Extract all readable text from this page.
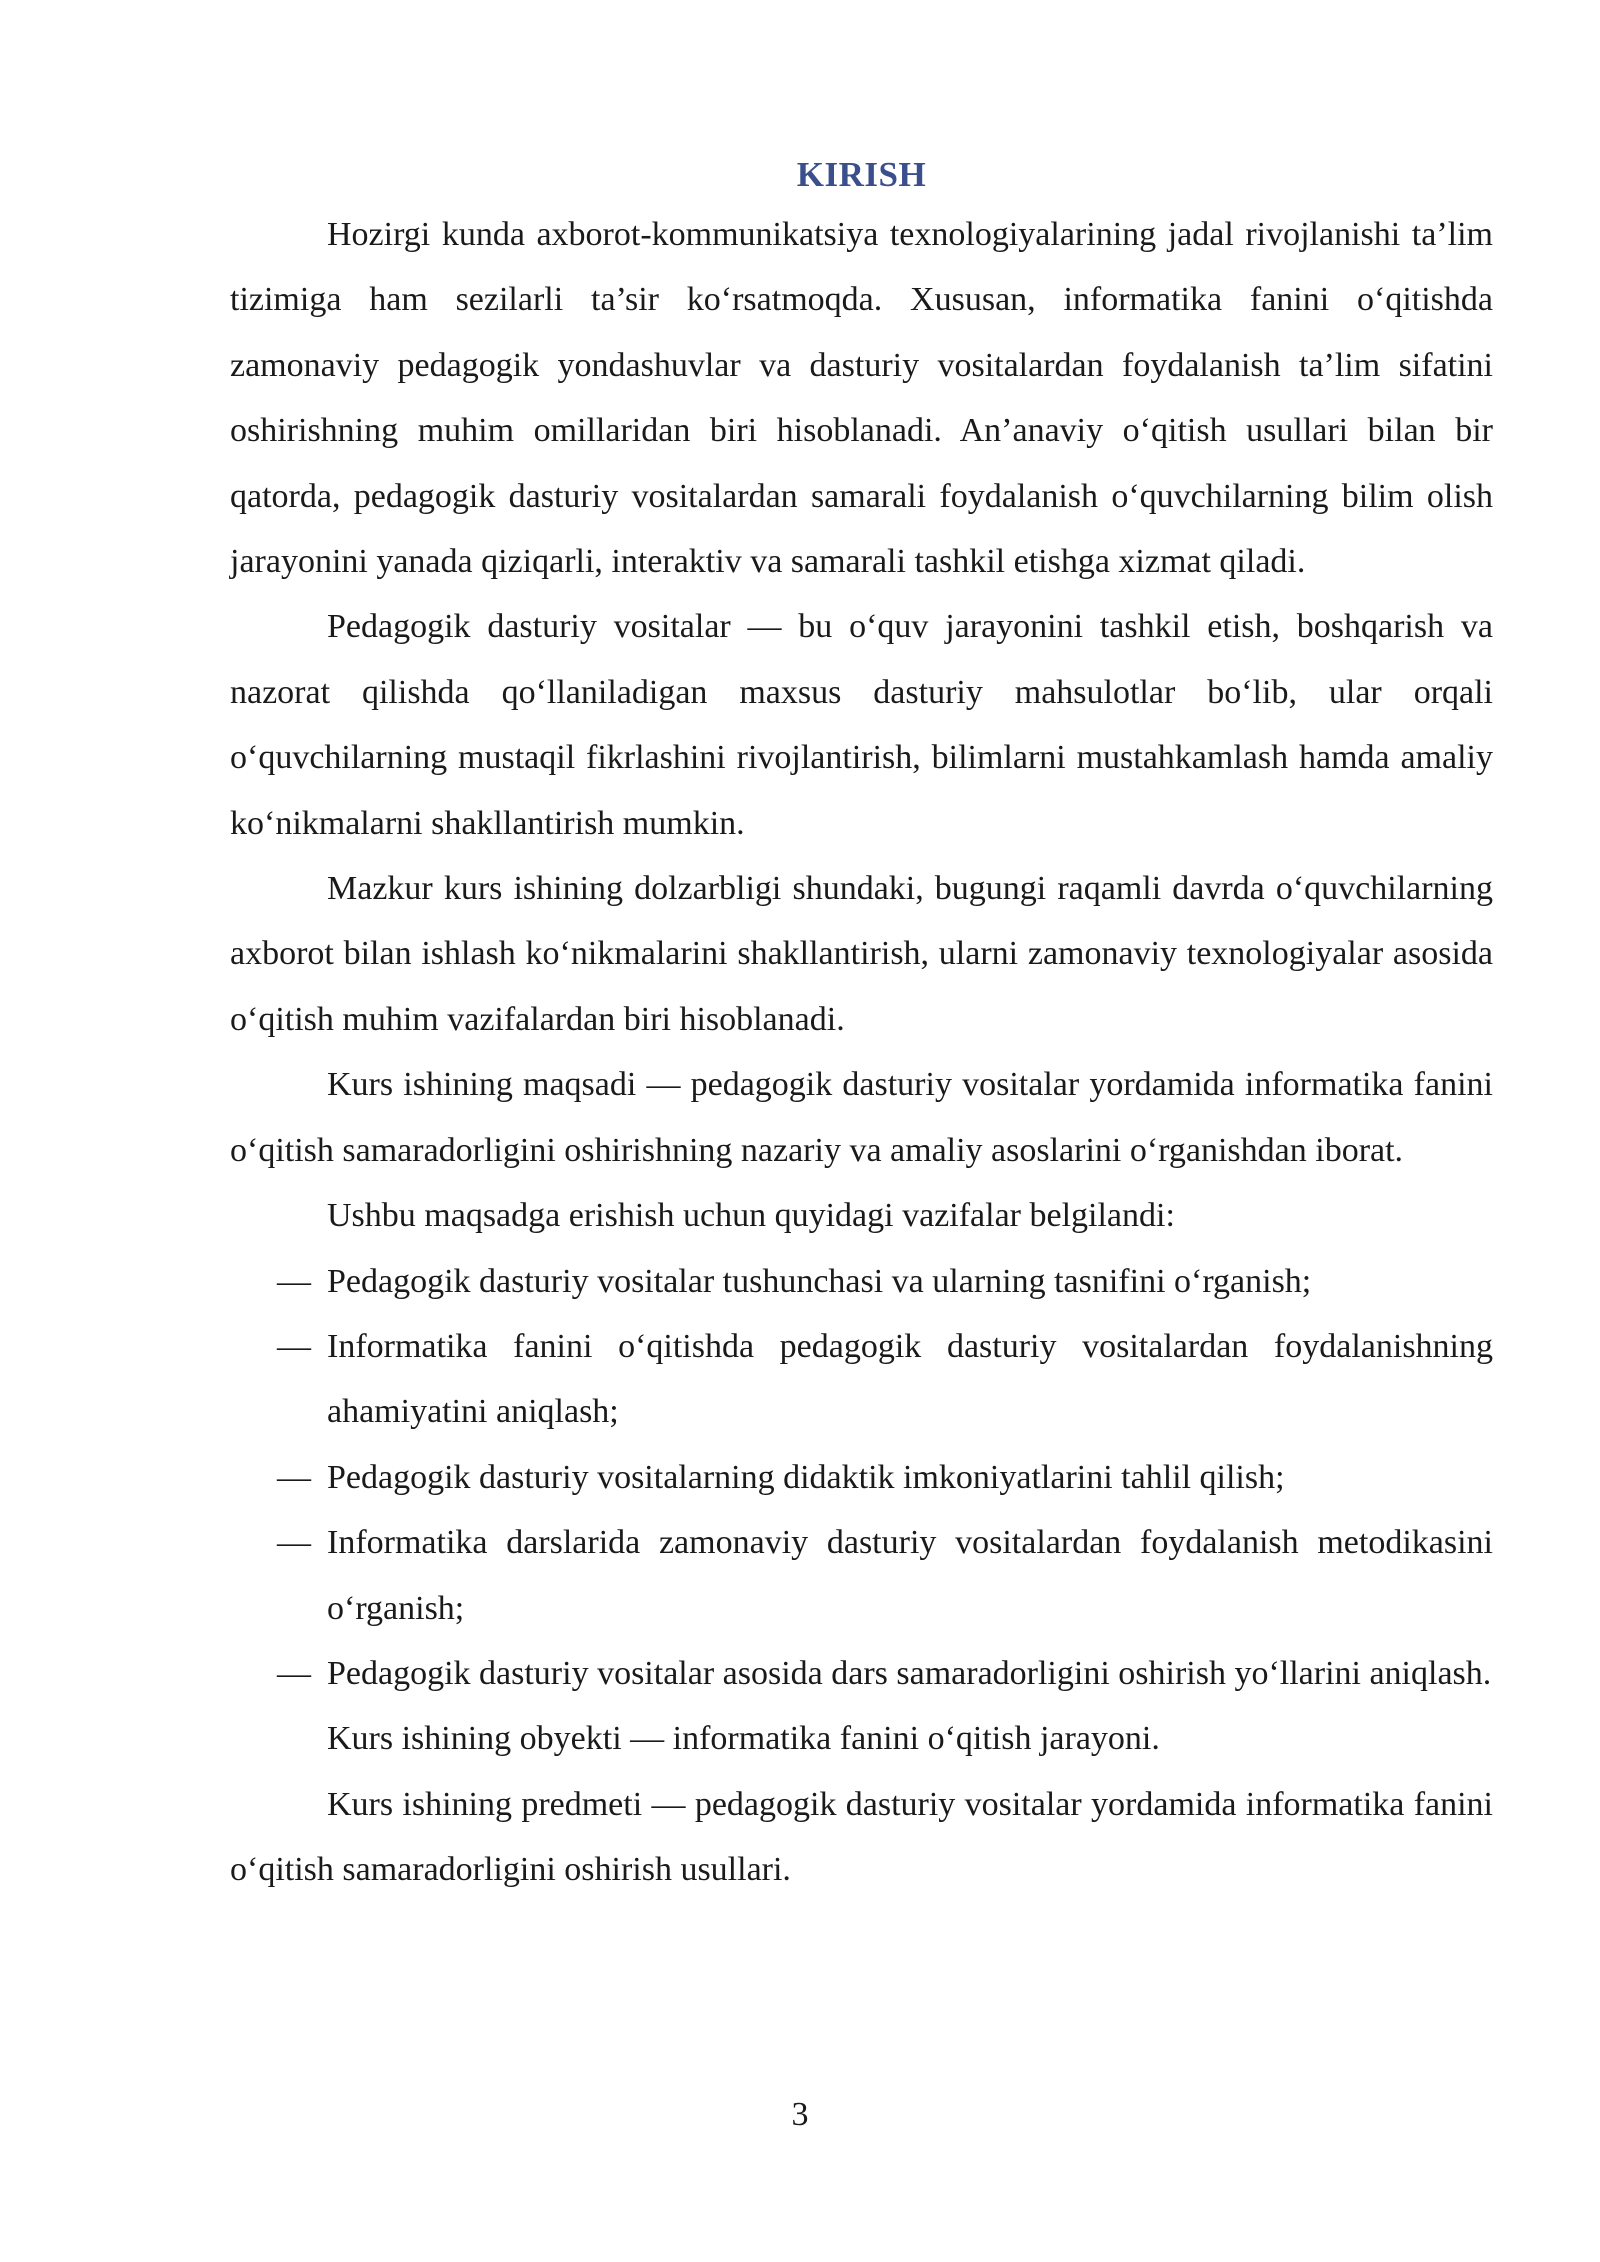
KIRISH

Hozirgi kunda axborot-kommunikatsiya texnologiyalarining jadal rivojlanishi ta’lim tizimiga ham sezilarli ta’sir ko‘rsatmoqda. Xususan, informatika fanini o‘qitishda zamonaviy pedagogik yondashuvlar va dasturiy vositalardan foydalanish ta’lim sifatini oshirishning muhim omillaridan biri hisoblanadi. An’anaviy o‘qitish usullari bilan bir qatorda, pedagogik dasturiy vositalardan samarali foydalanish o‘quvchilarning bilim olish jarayonini yanada qiziqarli, interaktiv va samarali tashkil etishga xizmat qiladi.

Pedagogik dasturiy vositalar — bu o‘quv jarayonini tashkil etish, boshqarish va nazorat qilishda qo‘llaniladigan maxsus dasturiy mahsulotlar bo‘lib, ular orqali o‘quvchilarning mustaqil fikrlashini rivojlantirish, bilimlarni mustahkamlash hamda amaliy ko‘nikmalarni shakllantirish mumkin.

Mazkur kurs ishining dolzarbligi shundaki, bugungi raqamli davrda o‘quvchilarning axborot bilan ishlash ko‘nikmalarini shakllantirish, ularni zamonaviy texnologiyalar asosida o‘qitish muhim vazifalardan biri hisoblanadi.

Kurs ishining maqsadi — pedagogik dasturiy vositalar yordamida informatika fanini o‘qitish samaradorligini oshirishning nazariy va amaliy asoslarini o‘rganishdan iborat.

Ushbu maqsadga erishish uchun quyidagi vazifalar belgilandi:

— Pedagogik dasturiy vositalar tushunchasi va ularning tasnifini o‘rganish;
— Informatika fanini o‘qitishda pedagogik dasturiy vositalardan foydalanishning ahamiyatini aniqlash;
— Pedagogik dasturiy vositalarning didaktik imkoniyatlarini tahlil qilish;
— Informatika darslarida zamonaviy dasturiy vositalardan foydalanish metodikasini o‘rganish;
— Pedagogik dasturiy vositalar asosida dars samaradorligini oshirish yo‘llarini aniqlash.

Kurs ishining obyekti — informatika fanini o‘qitish jarayoni.

Kurs ishining predmeti — pedagogik dasturiy vositalar yordamida informatika fanini o‘qitish samaradorligini oshirish usullari.

3
